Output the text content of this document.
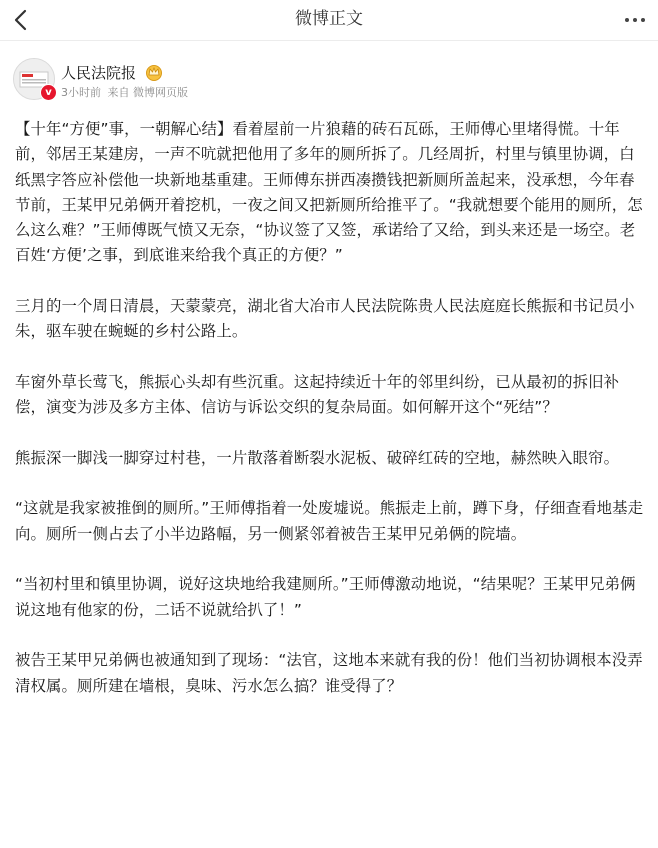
微博正文
v
人民法院报
3小时前 来自 微博网页版

【十年“方便”事，一朝解心结】看着屋前一片狼藉的砖石瓦砾，王师傅心里堵得慌。十年前，邻居王某建房，一声不吭就把他用了多年的厕所拆了。几经周折，村里与镇里协调，白纸黑字答应补偿他一块新地基重建。王师傅东拼西凑攒钱把新厕所盖起来，没承想，今年春节前，王某甲兄弟俩开着挖机，一夜之间又把新厕所给推平了。“我就想要个能用的厕所，怎么这么难？”王师傅既气愤又无奈，“协议签了又签，承诺给了又给，到头来还是一场空。老百姓‘方便’之事，到底谁来给我个真正的方便？”

三月的一个周日清晨，天蒙蒙亮，湖北省大冶市人民法院陈贵人民法庭庭长熊振和书记员小朱，驱车驶在蜿蜒的乡村公路上。

车窗外草长莺飞，熊振心头却有些沉重。这起持续近十年的邻里纠纷，已从最初的拆旧补偿，演变为涉及多方主体、信访与诉讼交织的复杂局面。如何解开这个“死结”？

熊振深一脚浅一脚穿过村巷，一片散落着断裂水泥板、破碎红砖的空地，赫然映入眼帘。

“这就是我家被推倒的厕所。”王师傅指着一处废墟说。熊振走上前，蹲下身，仔细查看地基走向。厕所一侧占去了小半边路幅，另一侧紧邻着被告王某甲兄弟俩的院墙。

“当初村里和镇里协调，说好这块地给我建厕所。”王师傅激动地说，“结果呢？王某甲兄弟俩说这地有他家的份，二话不说就给扒了！”

被告王某甲兄弟俩也被通知到了现场：“法官，这地本来就有我的份！他们当初协调根本没弄清权属。厕所建在墙根，臭味、污水怎么搞？谁受得了？
